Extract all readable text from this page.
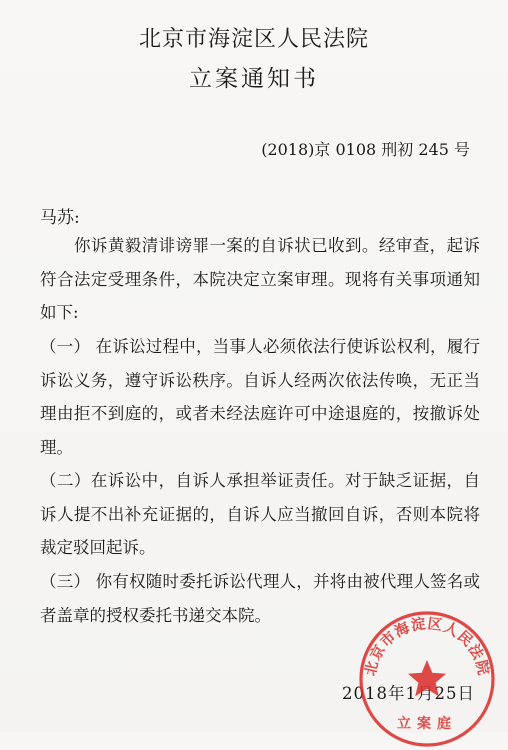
北京市海淀区人民法院
立案通知书
(2018)京 0108 刑初 245 号
马苏:
你诉黄毅清诽谤罪一案的自诉状已收到。经审查，起诉符合法定受理条件，本院决定立案审理。现将有关事项通知如下:
（一） 在诉讼过程中，当事人必须依法行使诉讼权利，履行诉讼义务，遵守诉讼秩序。自诉人经两次依法传唤，无正当理由拒不到庭的，或者未经法庭许可中途退庭的，按撤诉处理。
（二）在诉讼中，自诉人承担举证责任。对于缺乏证据，自诉人提不出补充证据的，自诉人应当撤回自诉，否则本院将裁定驳回起诉。
（三） 你有权随时委托诉讼代理人，并将由被代理人签名或者盖章的授权委托书递交本院。
2018年1月25日
北京市海淀区人民法院
立案庭
